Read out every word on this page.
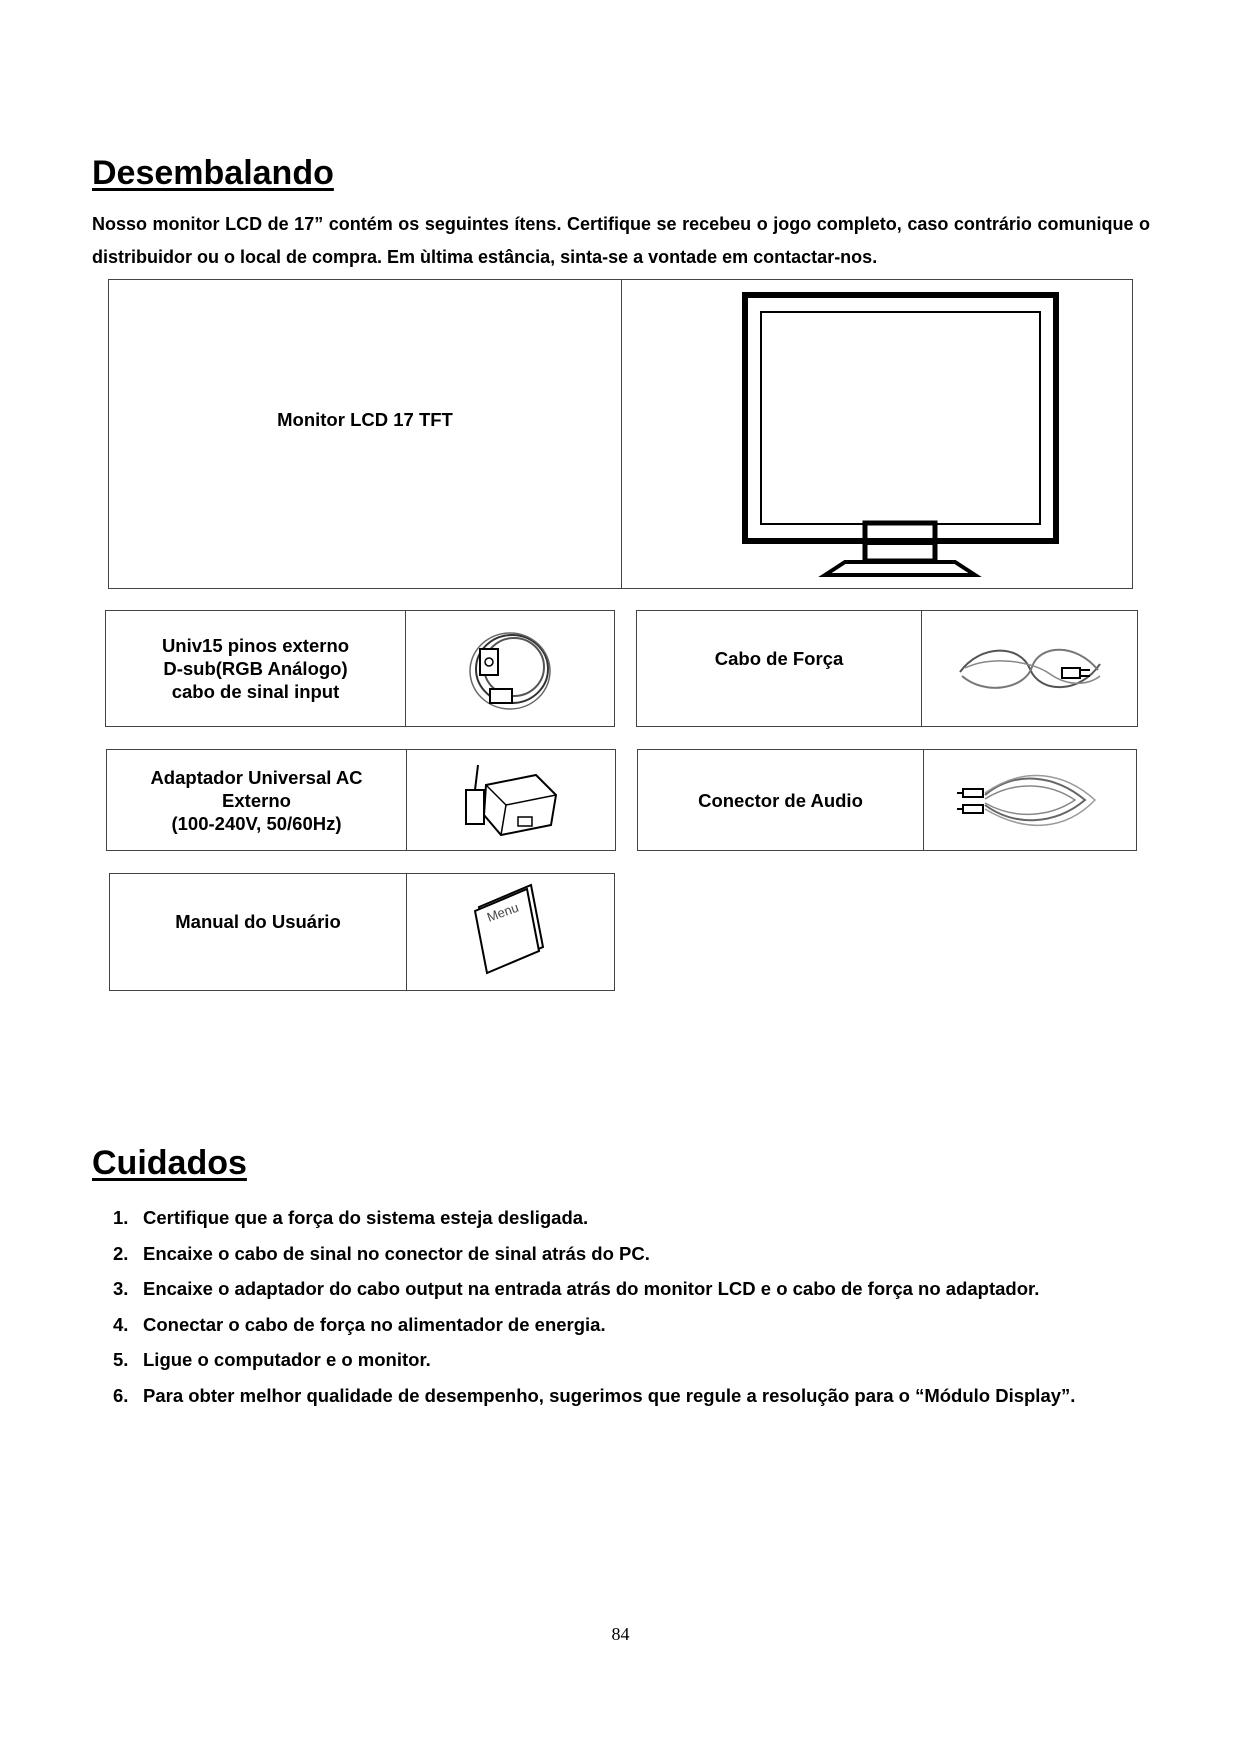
Desembalando

Nosso monitor LCD de 17” contém os seguintes ítens. Certifique se recebeu o jogo completo, caso contrário comunique o distribuidor ou o local de compra. Em ùltima estância, sinta-se a vontade em contactar-nos.

Monitor LCD 17 TFT
Univ15 pinos externo
D-sub(RGB Análogo)
cabo de sinal input
Cabo de Força
Adaptador Universal AC
Externo
(100-240V, 50/60Hz)
Conector de Audio
Manual do Usuário	Menu
Cuidados
1. Certifique que a força do sistema esteja desligada.
2. Encaixe o cabo de sinal no conector de sinal atrás do PC.
3. Encaixe o adaptador do cabo output na entrada atrás do monitor LCD e o cabo de força no adaptador.
4. Conectar o cabo de força no alimentador de energia.
5. Ligue o computador e o monitor.
6. Para obter melhor qualidade de desempenho, sugerimos que regule a resolução para o “Módulo Display”.
84
